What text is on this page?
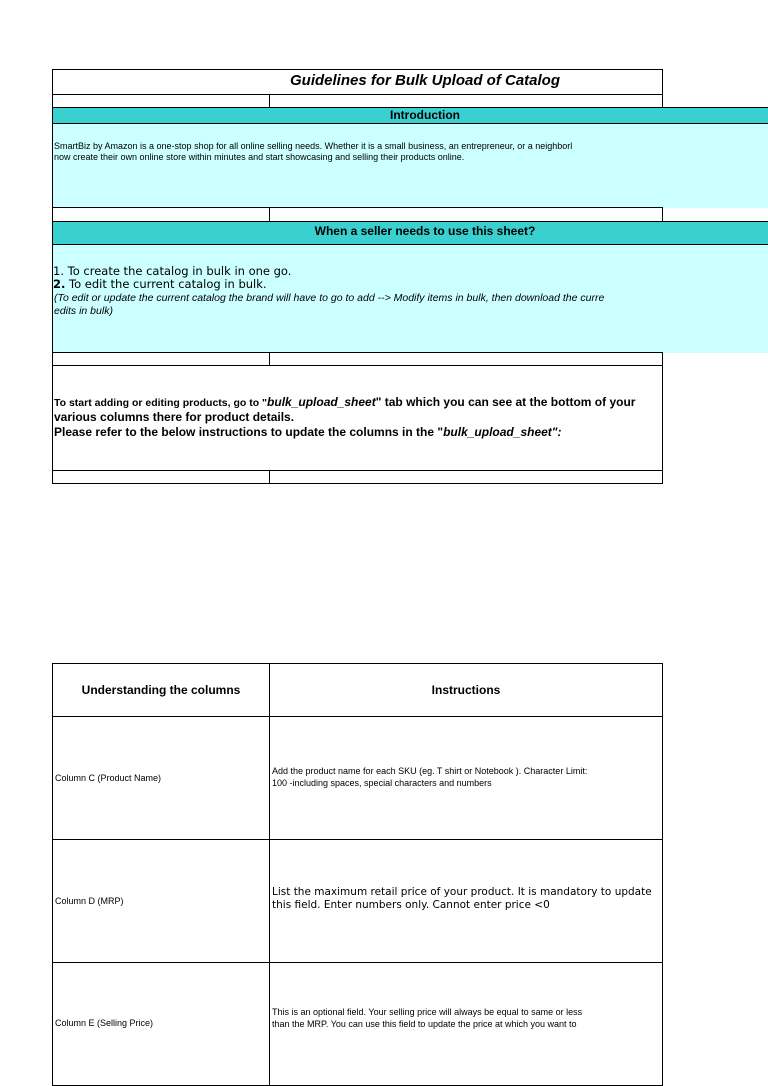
Guidelines for Bulk Upload of Catalog
Introduction
SmartBiz by Amazon is a one-stop shop for all online selling needs. Whether it is a small business, an entrepreneur, or a neighborl
now create their own online store within minutes and start showcasing and selling their products online.
When a seller needs to use this sheet?
1. To create the catalog in bulk in one go.
2. To edit the current catalog in bulk.
(To edit or update the current catalog the brand will have to go to add --> Modify items in bulk, then download the curre
edits in bulk)
To start adding or editing products, go to "bulk_upload_sheet" tab which you can see at the bottom of your
various columns there for product details.
Please refer to the below instructions to update the columns in the "bulk_upload_sheet":
Understanding the columns	Instructions
Column C (Product Name)
Add the product name for each SKU (eg. T shirt or Notebook ). Character Limit:
100 -including spaces, special characters and numbers
Column D (MRP)
List the maximum retail price of your product. It is mandatory to update
this field. Enter numbers only. Cannot enter price <0
Column E (Selling Price)
This is an optional field. Your selling price will always be equal to same or less
than the MRP. You can use this field to update the price at which you want to
